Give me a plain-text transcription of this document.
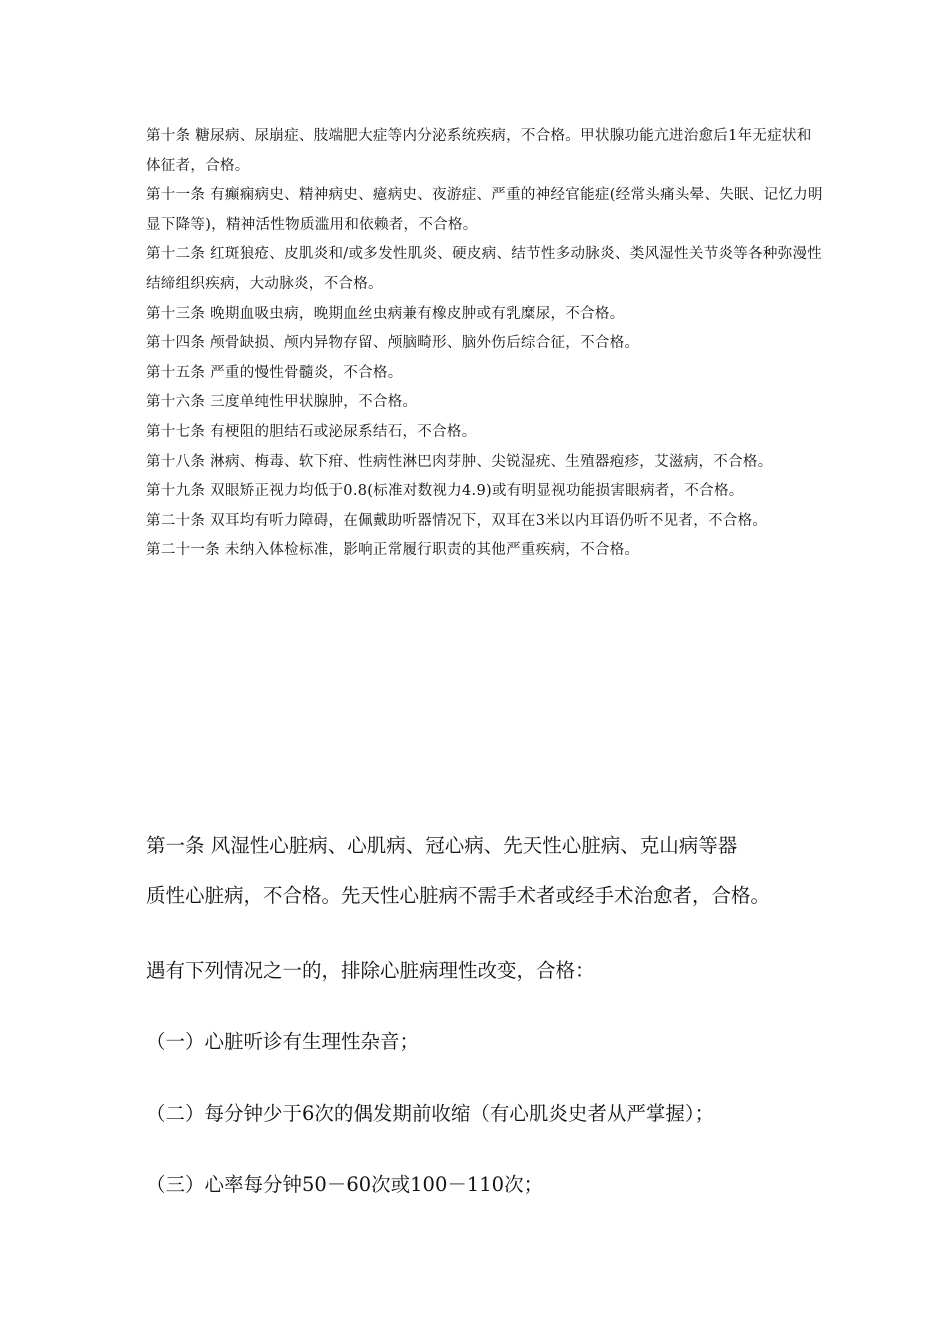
第十条 糖尿病、尿崩症、肢端肥大症等内分泌系统疾病，不合格。甲状腺功能亢进治愈后1年无症状和体征者，合格。

第十一条 有癫痫病史、精神病史、癔病史、夜游症、严重的神经官能症(经常头痛头晕、失眠、记忆力明显下降等)，精神活性物质滥用和依赖者，不合格。

第十二条 红斑狼疮、皮肌炎和/或多发性肌炎、硬皮病、结节性多动脉炎、类风湿性关节炎等各种弥漫性结缔组织疾病，大动脉炎，不合格。

第十三条 晚期血吸虫病，晚期血丝虫病兼有橡皮肿或有乳糜尿，不合格。

第十四条 颅骨缺损、颅内异物存留、颅脑畸形、脑外伤后综合征，不合格。

第十五条 严重的慢性骨髓炎，不合格。

第十六条 三度单纯性甲状腺肿，不合格。

第十七条 有梗阻的胆结石或泌尿系结石，不合格。

第十八条 淋病、梅毒、软下疳、性病性淋巴肉芽肿、尖锐湿疣、生殖器疱疹，艾滋病，不合格。

第十九条 双眼矫正视力均低于0.8(标准对数视力4.9)或有明显视功能损害眼病者，不合格。

第二十条 双耳均有听力障碍，在佩戴助听器情况下，双耳在3米以内耳语仍听不见者，不合格。

第二十一条 未纳入体检标准，影响正常履行职责的其他严重疾病，不合格。

第一条 风湿性心脏病、心肌病、冠心病、先天性心脏病、克山病等器

质性心脏病，不合格。先天性心脏病不需手术者或经手术治愈者，合格。

遇有下列情况之一的，排除心脏病理性改变，合格：

（一）心脏听诊有生理性杂音；

（二）每分钟少于6次的偶发期前收缩（有心肌炎史者从严掌握）；

（三）心率每分钟50－60次或100－110次；
